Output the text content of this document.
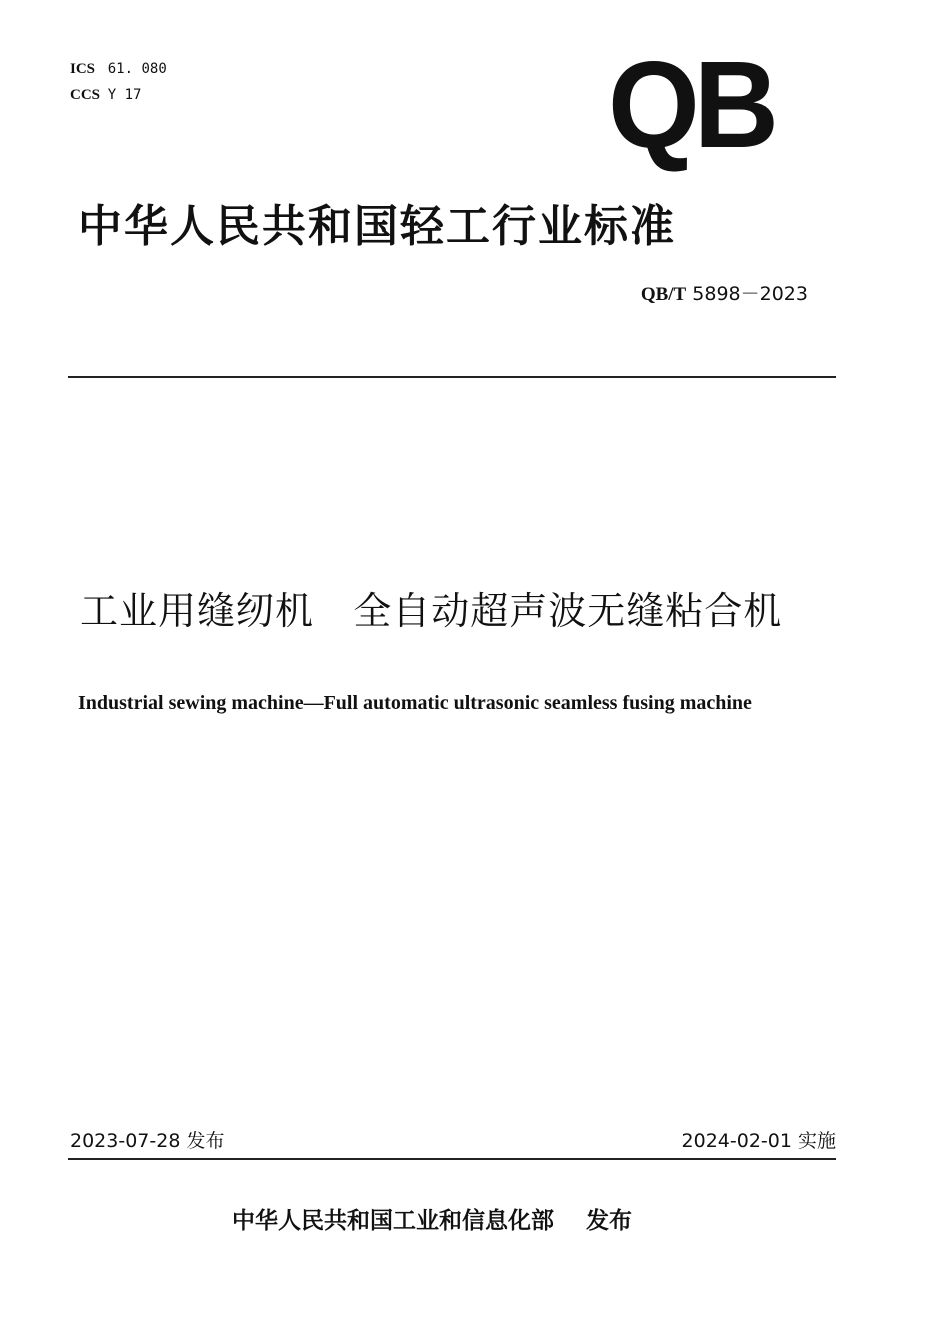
ICS 61. 080
CCS Y 17	QB
中华人民共和国轻工行业标准
QB/T 5898－2023
工业用缝纫机   全自动超声波无缝粘合机
Industrial sewing machine—Full automatic ultrasonic seamless fusing machine
2023-07-28 发布	2024-02-01 实施
中华人民共和国工业和信息化部    发布
